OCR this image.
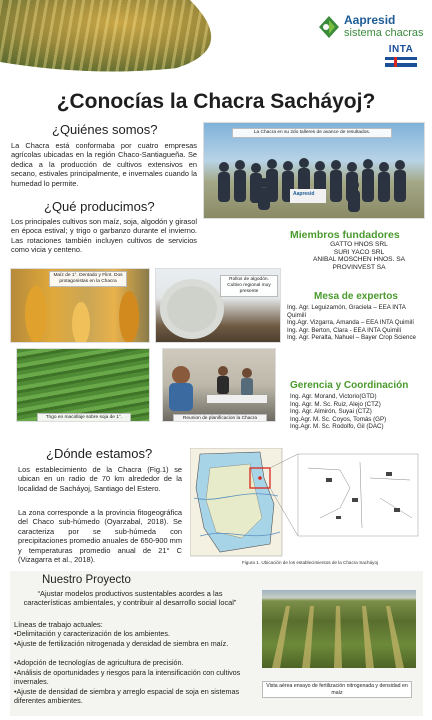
Aapresid
sistema chacras
INTA
¿Conocías la Chacra Sacháyoj?
¿Quiénes somos?
La Chacra está conformaba por cuatro empresas agrícolas ubicadas en la región Chaco-Santiagueña. Se dedica a la producción de cultivos extensivos en secano, estivales principalmente, e invernales cuando la humedad lo permite.
Aapresid
La Chacra en su 2do talleres de avance de resultados.
¿Qué producimos?
Los principales cultivos son maíz, soja, algodón y girasol en época estival; y trigo o garbanzo durante el invierno. Las rotaciones también incluyen cultivos de servicios como vicia y centeno.
Maíz de 1°. Dentado y Flint. Dos protagonistas en la Chacra	Rollos de algodón. Cultivo regional muy presente
Trigo en macollaje sobre soja de 1°.	Reunion de planificacion la Chacra
Miembros fundadores
GATTO HNOS SRL
SURI YACO SRL
ANIBAL MOSCHEN HNOS. SA
PROVINVEST SA
Mesa de expertos
Ing. Agr. Leguizamón, Graciela – EEA INTA Quimilí
Ing.Agr. Vizgarra, Amanda – EEA INTA Quimilí
Ing. Agr. Berton, Clara - EEA INTA Quimilí
Ing. Agr. Peralta, Nahuel – Bayer Crop Science
Gerencia y Coordinación
Ing. Agr. Morand, Victorio(GTD)
Ing. Agr. M. Sc. Ruiz, Alejo (CTZ)
Ing. Agr. Almirón, Suyai (CTZ)
Ing.Agr. M. Sc. Coyos, Tomás (GP)
Ing.Agr. M. Sc. Rodolfo, Gil (DAC)
¿Dónde estamos?
Los establecimiento de la Chacra (Fig.1) se ubican en un radio de 70 km alrededor de la localidad de Sacháyoj, Santiago del Estero.
La zona corresponde a la provincia fitogeográfica del Chaco sub-húmedo (Oyarzabal, 2018). Se caracteriza por se sub-húmeda con precipitaciones promedio anuales de 650-900 mm y temperaturas promedio anual de 21° C (Vizagarra et al., 2018).	Figura 1. Ubicación de los establecimientos de la Chacra Sacháyoj
Nuestro Proyecto
“Ajustar modelos productivos sustentables acordes a las características ambientales, y contribuir al desarrollo social local”
Líneas de trabajo actuales:
•Delimitación y caracterización de los ambientes.
•Ajuste de fertilización nitrogenada y densidad de siembra en maíz.
•Adopción de tecnologías de agricultura de precisión.
•Análisis de oportunidades y riesgos para la intensificación con cultivos invernales.
•Ajuste de densidad de siembra y arreglo espacial de soja en sistemas diferentes ambientes.
Vista aérea ensayo de fertilización nitrogenada y densidad en maíz
